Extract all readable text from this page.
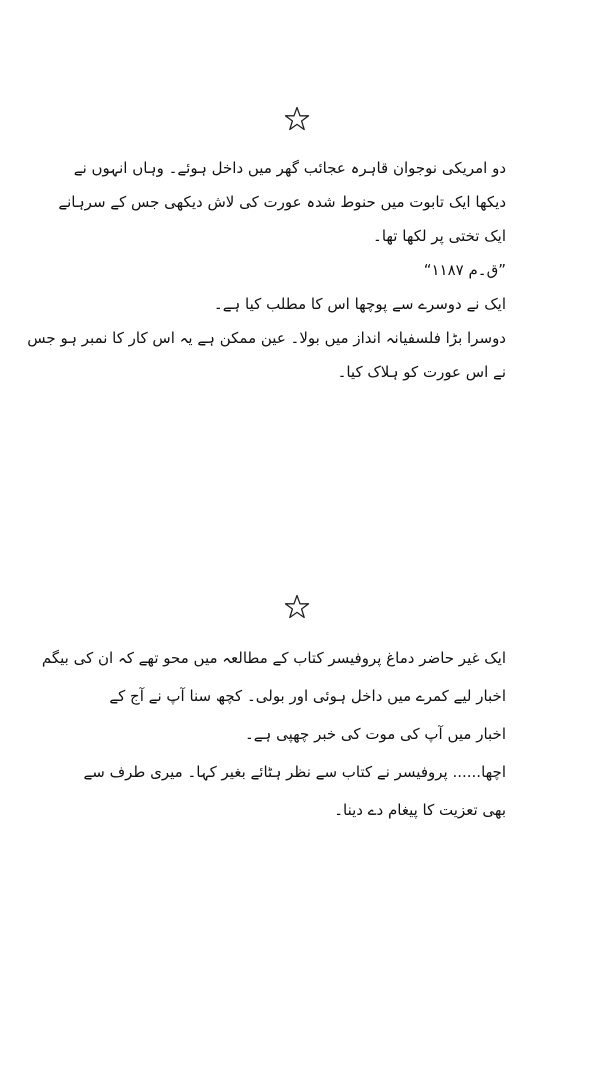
دو امریکی نوجوان قاہرہ عجائب گھر میں داخل ہوئے۔ وہاں انہوں نے
دیکھا ایک تابوت میں حنوط شدہ عورت کی لاش دیکھی جس کے سرہانے
ایک تختی پر لکھا تھا۔
”ق۔م ۱۱۸۷“
ایک نے دوسرے سے پوچھا اس کا مطلب کیا ہے۔
دوسرا بڑا فلسفیانہ انداز میں بولا۔ عین ممکن ہے یہ اس کار کا نمبر ہو جس
نے اس عورت کو ہلاک کیا۔
ایک غیر حاضر دماغ پروفیسر کتاب کے مطالعہ میں محو تھے کہ ان کی بیگم
اخبار لیے کمرے میں داخل ہوئی اور بولی۔ کچھ سنا آپ نے آج کے
اخبار میں آپ کی موت کی خبر چھپی ہے۔
اچھا...... پروفیسر نے کتاب سے نظر ہٹائے بغیر کہا۔ میری طرف سے
بھی تعزیت کا پیغام دے دینا۔
